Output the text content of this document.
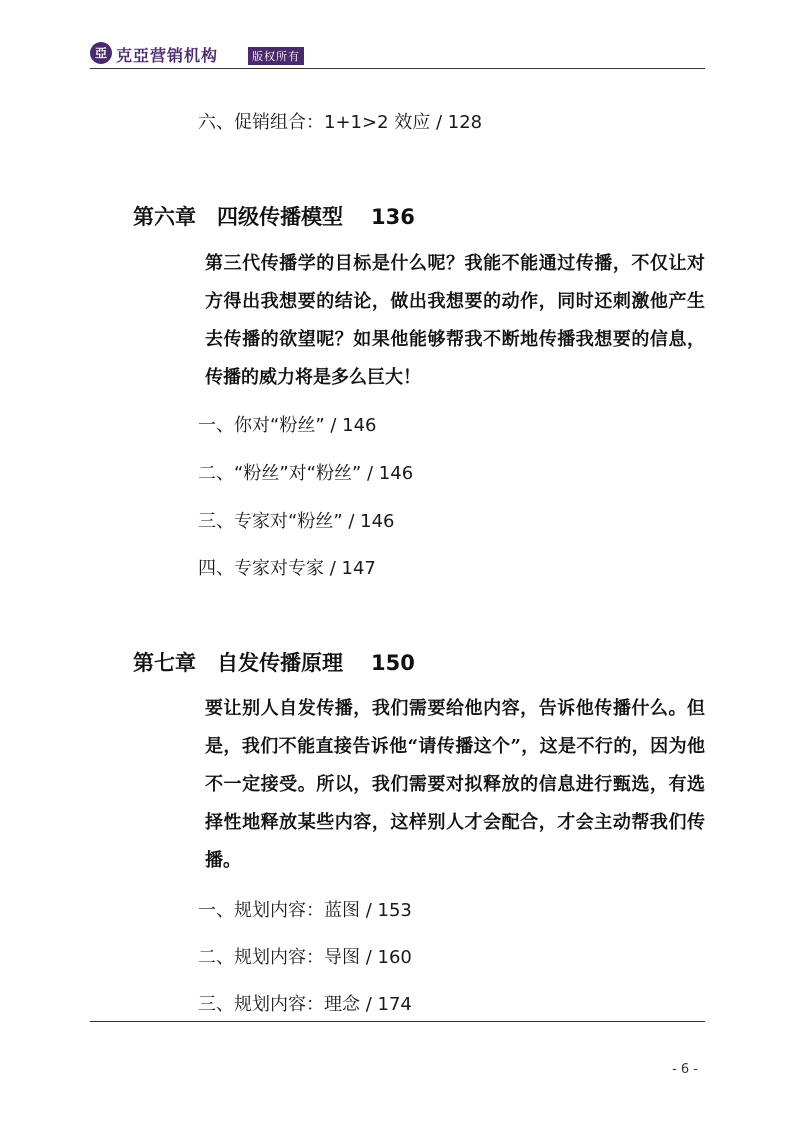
亞 克亞营销机构	版权所有
六、促销组合：1+1>2 效应 / 128
第六章　四级传播模型 136
第三代传播学的目标是什么呢？我能不能通过传播，不仅让对方得出我想要的结论，做出我想要的动作，同时还刺激他产生去传播的欲望呢？如果他能够帮我不断地传播我想要的信息，传播的威力将是多么巨大！
一、你对“粉丝” / 146
二、“粉丝”对“粉丝” / 146
三、专家对“粉丝” / 146
四、专家对专家 / 147
第七章　自发传播原理 150
要让别人自发传播，我们需要给他内容，告诉他传播什么。但是，我们不能直接告诉他“请传播这个”，这是不行的，因为他不一定接受。所以，我们需要对拟释放的信息进行甄选，有选择性地释放某些内容，这样别人才会配合，才会主动帮我们传播。
一、规划内容：蓝图 / 153
二、规划内容：导图 / 160
三、规划内容：理念 / 174
- 6 -
